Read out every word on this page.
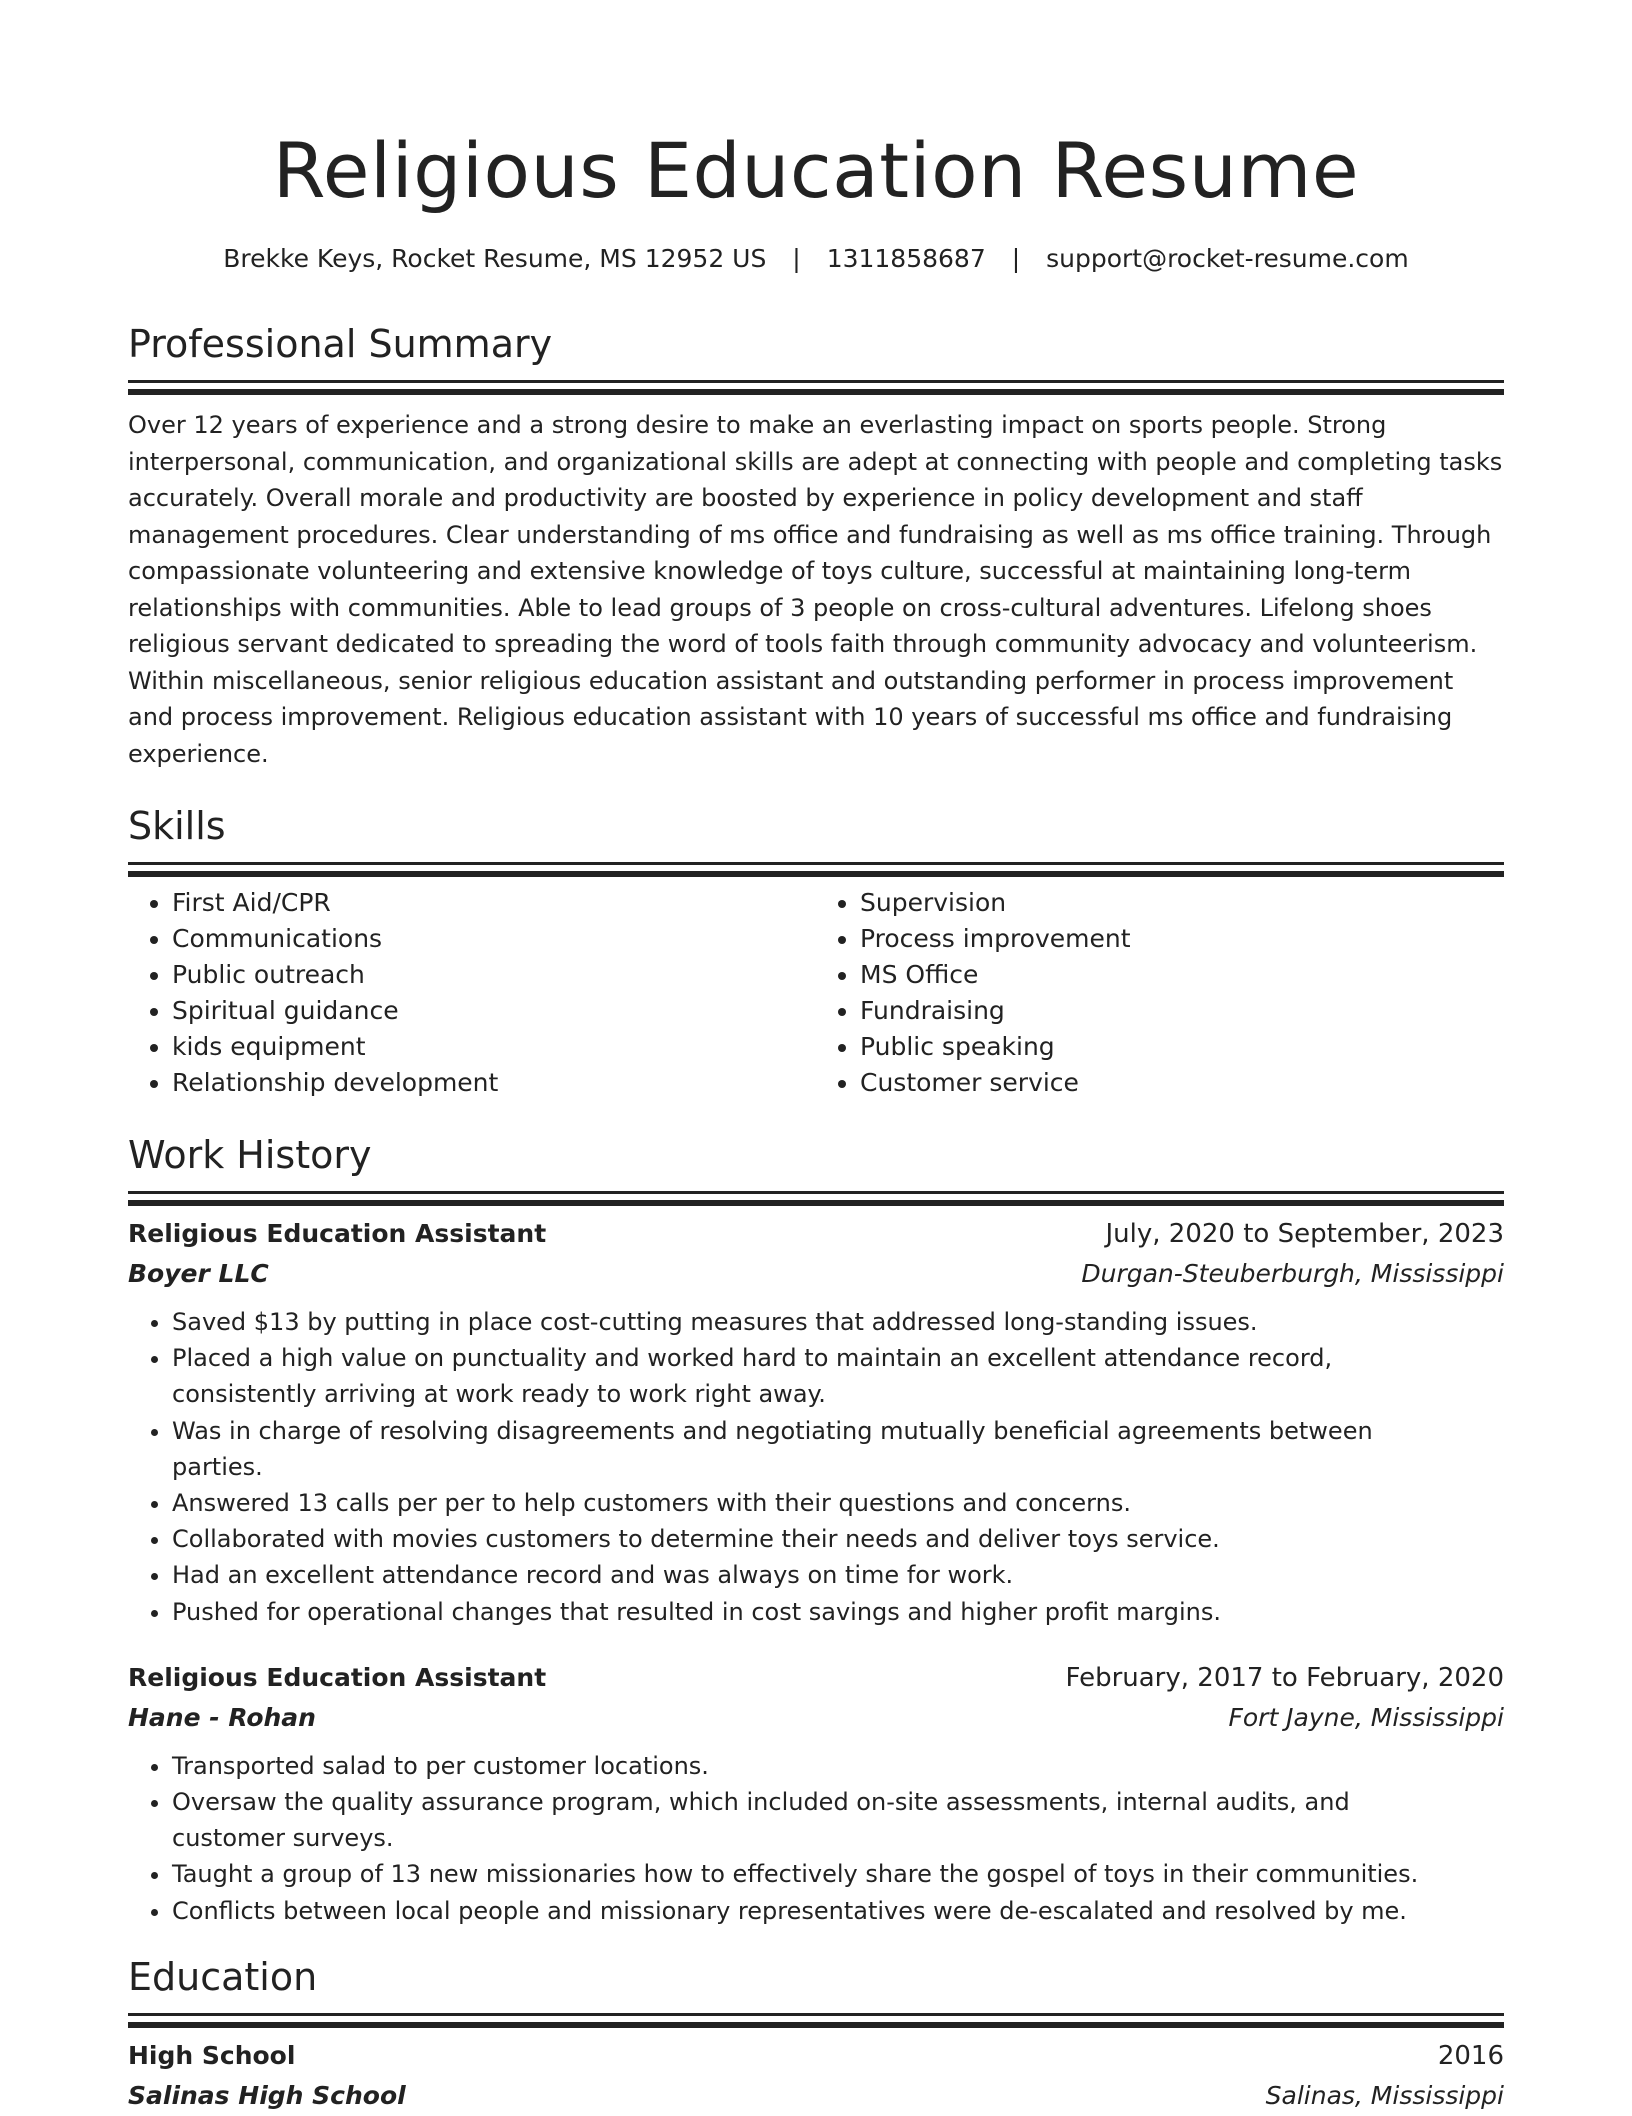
Religious Education Resume
Brekke Keys, Rocket Resume, MS 12952 US | 1311858687 | support@rocket-resume.com
Professional Summary

Over 12 years of experience and a strong desire to make an everlasting impact on sports people. Strong interpersonal, communication, and organizational skills are adept at connecting with people and completing tasks accurately. Overall morale and productivity are boosted by experience in policy development and staff management procedures. Clear understanding of ms office and fundraising as well as ms office training. Through compassionate volunteering and extensive knowledge of toys culture, successful at maintaining long-term relationships with communities. Able to lead groups of 3 people on cross-cultural adventures. Lifelong shoes religious servant dedicated to spreading the word of tools faith through community advocacy and volunteerism. Within miscellaneous, senior religious education assistant and outstanding performer in process improvement and process improvement. Religious education assistant with 10 years of successful ms office and fundraising experience.

Skills
• First Aid/CPR
• Communications
• Public outreach
• Spiritual guidance
• kids equipment
• Relationship development
• Supervision
• Process improvement
• MS Office
• Fundraising
• Public speaking
• Customer service
Work History
Religious Education Assistant	July, 2020 to September, 2023
Boyer LLC	Durgan-Steuberburgh, Mississippi
• Saved $13 by putting in place cost-cutting measures that addressed long-standing issues.
• Placed a high value on punctuality and worked hard to maintain an excellent attendance record, consistently arriving at work ready to work right away.
• Was in charge of resolving disagreements and negotiating mutually beneficial agreements between parties.
• Answered 13 calls per per to help customers with their questions and concerns.
• Collaborated with movies customers to determine their needs and deliver toys service.
• Had an excellent attendance record and was always on time for work.
• Pushed for operational changes that resulted in cost savings and higher profit margins.
Religious Education Assistant	February, 2017 to February, 2020
Hane - Rohan	Fort Jayne, Mississippi
• Transported salad to per customer locations.
• Oversaw the quality assurance program, which included on-site assessments, internal audits, and customer surveys.
• Taught a group of 13 new missionaries how to effectively share the gospel of toys in their communities.
• Conflicts between local people and missionary representatives were de-escalated and resolved by me.
Education
High School	2016
Salinas High School	Salinas, Mississippi
